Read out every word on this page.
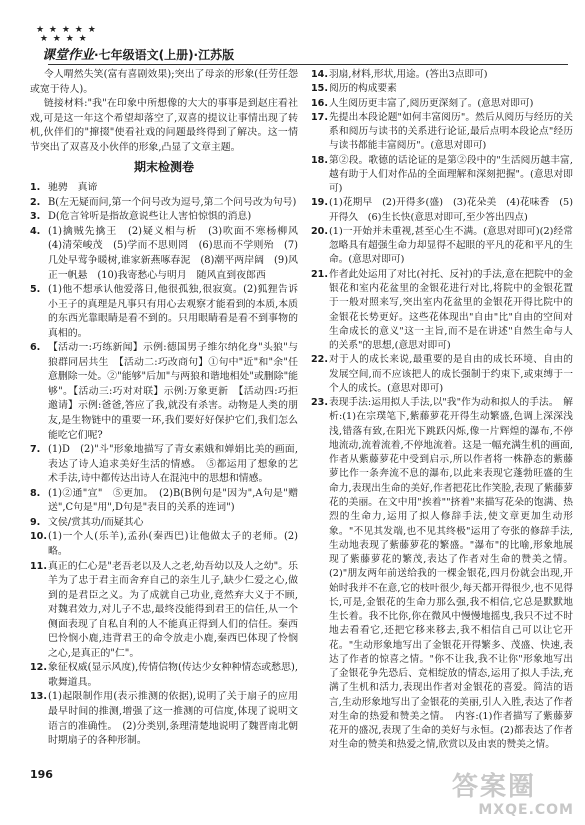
★ ★ ★ ★ ★
★ ★ ★ ★
课堂作业·七年级语文(上册)·江苏版

令人喟然失笑(富有喜剧效果);突出了母亲的形象(任劳任怨或宽于待人)。

链接材料:"我"在印象中所想像的大大的事事是到赵庄看社戏,可是这一年这个希望却落空了,双喜的提议让事情出现了转机,伙伴们的"撺掇"使看社戏的问题最终得到了解决。这一情节突出了双喜及小伙伴的形象,凸显了文章主题。

期末检测卷

1. 驰骋　真谛

2. B(左无疑而问,第一个问号改为逗号,第二个问号改为句号)

3. D(危言耸听是指故意说些让人害怕惊惧的消息)

4. (1)擒贼先擒王　(2)疑义相与析　(3)吹面不寒杨柳风　(4)清荣峻茂　(5)学而不思则罔　(6)思而不学则殆　(7)几处早莺争暖树,谁家新燕啄春泥　(8)潮平两岸阔　(9)风正一帆悬　(10)我寄愁心与明月　随风直到夜郎西

5. (1)他不想承认他爱落日,他很孤独,很寂寞。(2)狐狸告诉小王子的真理是凡事只有用心去观察才能看到的本质,本质的东西光靠眼睛是看不到的。只用眼睛看是看不到事物的真相的。

6. 【活动一:巧练新闻】示例:德国男子维尔纳化身"头狼"与狼群同居共生　【活动二:巧改商句】①句中"近"和"余"任意删除一处。②"能够"后加"与两狼和谐地相处"或删除"能够"。【活动三:巧对对联】示例:万象更新　【活动四:巧拒邀请】示例:爸爸,答应了我,就没有杀害。动物是人类的朋友,是生物链中的重要一环,我们要好好保护它们,我们怎么能吃它们呢?

7. (1)D　(2)"斗"形象地描写了青女素娥和婵娟比美的画面,表达了诗人追求美好生活的情感。　⑤都运用了想象的艺术手法,诗中都传达出诗人在混沌中的思想和情感。

8. (1)②通"宣"　⑤更加。　(2)B(B例句是"因为",A句是"赠送",C句是"用",D句是"表目的关系的连词")

9. 文侯/赏其功/而疑其心

10. (1)一个人(乐羊),孟孙(秦西巴)让他做太子的老师。(2)略。

11. 真正的仁心是"老吾老以及人之老,幼吾幼以及人之幼"。乐羊为了忠于君主而舍弃自己的亲生儿子,缺少仁爱之心,做到的是君臣之义。为了成就自己功业,竟然弃大义于不顾,对魏君效力,对儿子不忠,最终没能得到君王的信任,从一个侧面表现了自私自利的人不能真正得到人们的信任。秦西巴怜悯小鹿,违背君王的命令放走小鹿,秦西巴体现了怜悯之心,是真正的"仁"。

12. 象征权威(显示风度),传情信物(传达少女种种情态或愁思),歌舞道具。

13. (1)起限制作用(表示推测的依据),说明了关于扇子的应用最早时间的推测,增强了这一推测的可信度,体现了说明文语言的准确性。　(2)分类别,条理清楚地说明了魏晋南北朝时期扇子的各种形制。

14. 羽扇,材料,形状,用途。(答出3点即可)

15. 阅历的构成要素

16. 人生阅历更丰富了,阅历更深刻了。(意思对即可)

17. 先提出本段论题"如何丰富阅历"。然后从阅历与经历的关系和阅历与读书的关系进行论证,最后点明本段论点"经历与读书都能丰富阅历"。(意思对即可)

18. 第②段。歌德的话论证的是第②段中的"生活阅历越丰富,越有助于人们对作品的全面理解和深刻把握"。(意思对即可)

19. (1)花期早　(2)开得多(盛)　(3)花朵美　(4)花味香　(5)开得久　(6)生长快(意思对即可,至少答出四点)

20. (1)一开始并未重视,甚至心生不满。(意思对即可)(2)经常忽略具有超强生命力却显得不起眼的平凡的花和平凡的生命。(意思对即可)

21. 作者此处运用了对比(衬托、反衬)的手法,意在把院中的金银花和室内花盆里的金银花进行对比,将院中的金银花置于一般对照来写,突出室内花盆里的金银花开得比院中的金银花长势更好。这些花体现出"自由"比"自由的空间对生命成长的意义"这一主旨,而不是在讲述"自然生命与人的关系"的思想,(意思对即可)

22. 对于人的成长来说,最重要的是自由的成长环境、自由的发展空间,而不应该把人的成长强制于约束下,或束缚于一个人的成长。(意思对即可)

23. 表现手法:运用拟人手法,以"我"作为动和拟人的手法。　解析:(1)在宗璞笔下,紫藤萝花开得生动繁盛,色调上深深浅浅,错落有致,在阳光下跳跃闪烁,像一片辉煌的瀑布,不停地流动,流着流着,不停地流着。这是一幅充满生机的画面,作者从紫藤萝花中受到启示,所以作者将一株静态的紫藤萝比作一条奔流不息的瀑布,以此来表现它蓬勃旺盛的生命力,表现出生命的美好,作者把花比作笑脸,表现了紫藤萝花的美丽。在文中用"挨着""挤着"来描写花朵的饱满、热烈的生命力,运用了拟人修辞手法,使文章更加生动形象。"不见其发端,也不见其终极"运用了夸张的修辞手法,生动地表现了紫藤萝花的繁盛。"瀑布"的比喻,形象地展现了紫藤萝花的繁茂,表达了作者对生命的赞美之情。(2)"朋友两年前送给我的一棵金银花,四月份就会出现,开始时我并不在意,它的枝叶很少,每天都开得很少,也不见得长,可是,金银花的生命力那么强,我不相信,它总是默默地生长着。我不比你,你在微风中慢慢地摇曳,我只不过不时地去看看它,还把它移来移去,我不相信自己可以让它开花。"生动形象地写出了金银花开得繁多、茂盛、快速,表达了作者的惊喜之情。"你不让我,我不让你"形象地写出了金银花争先恐后、竞相绽放的情态,运用了拟人手法,充满了生机和活力,表现出作者对金银花的喜爱。简洁的语言,生动形象地写出了金银花的美丽,引人入胜,表达了作者对生命的热爱和赞美之情。　内容:(1)作者描写了紫藤萝花开的盛况,表现了生命的美好与永恒。(2)都表达了作者对生命的赞美和热爱之情,欣赏以及由衷的赞美之情。

196	答案圈
MXQE.COM
